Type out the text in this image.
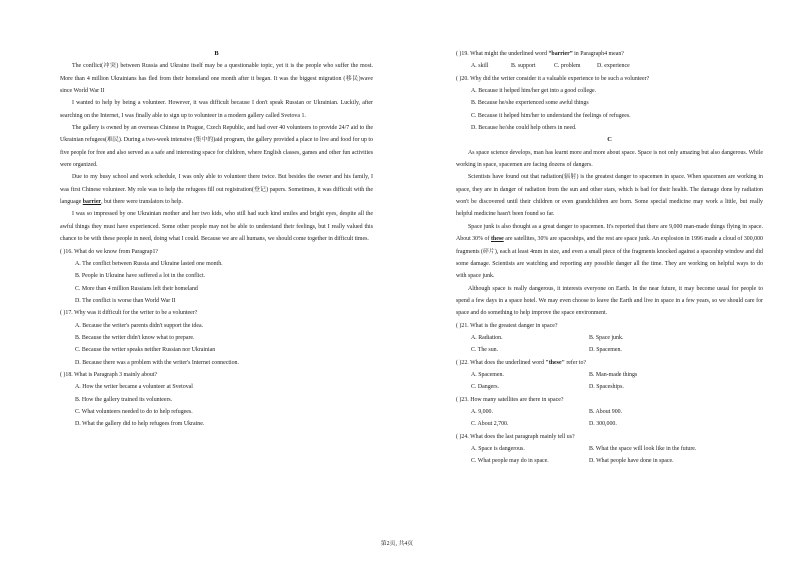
B

The conflict(冲突) between Russia and Ukraine itself may be a questionable topic, yet it is the people who suffer the most. More than 4 million Ukrainians has fled from their homeland one month after it began. It was the biggest migration (移民)wave since World War II

I wanted to help by being a volunteer. However, it was difficult because I don't speak Russian or Ukrainian. Luckily, after searching on the Internet, I was finally able to sign up to volunteer in a modern gallery called Svetova 1.

The gallery is owned by an overseas Chinese in Prague, Czech Republic, and had over 40 volunteers to provide 24/7 aid to the Ukrainian refugees(难民). During a two-week intensive (集中的)aid program, the gallery provided a place to live and food for up to five people for free and also served as a safe and interesting space for children, where English classes, games and other fun activities were organized.

Due to my busy school and work schedule, I was only able to volunteer there twice. But besides the owner and his family, I was first Chinese volunteer. My role was to help the refugees fill out registration(登记) papers. Sometimes, it was difficult with the language barrier, but there were translators to help.

I was so impressed by one Ukrainian mother and her two kids, who still had such kind smiles and bright eyes, despite all the awful things they must have experienced. Some other people may not be able to understand their feelings, but I really valued this chance to be with these people in need, doing what I could. Because we are all humans, we should come together in difficult times.

( )16. What do we know from Paragrap1?

A. The conflict between Russia and Ukraine lasted one month.

B. People in Ukraine have suffered a lot in the conflict.

C. More than 4 million Russians left their homeland

D. The conflict is worse than World War II

( )17. Why was it difficult for the writer to be a volunteer?

A. Because the writer's parents didn't support the idea.

B. Because the writer didn't know what to prepare.

C. Because the writer speaks neither Russian nor Ukrainian

D. Because there was a problem with the writer's Internet connection.

( )18. What is Paragraph 3 mainly about?

A. How the writer became a volunteer at Svetoval

B. How the gallery trained its volunteers.

C. What volunteers needed to do to help refugees.

D. What the gallery did to help refugees from Ukraine.

( )19. What might the underlined word “barrier” in Paragraph4 mean?

A. skill	B. support	C. problem	D. experience

( )20. Why did the writer consider it a valuable experience to be such a volunteer?

A. Because it helped him/her get into a good college.

B. Because he/she experienced some awful things

C. Because it helped him/her to understand the feelings of refugees.

D. Because he/she could help others in need.

C

As space science develops, man has learnt more and more about space. Space is not only amazing but also dangerous. While working in space, spacemen are facing dozens of dangers.

Scientists have found out that radiation(辐射) is the greatest danger to spacemen in space. When spacemen are working in space, they are in danger of radiation from the sun and other stars, which is bad for their health. The damage done by radiation won't be discovered until their children or even grandchildren are born. Some special medicine may work a little, but really helpful medicine hasn't been found so far.

Space junk is also thought as a great danger to spacemen. It's reported that there are 9,000 man-made things flying in space. About 30% of these are satellites, 30% are spaceships, and the rest are space junk. An explosion in 1996 made a cloud of 300,000 fragments (碎片), each at least 4mm in size, and even a small piece of the fragments knocked against a spaceship window and did some damage. Scientists are watching and reporting any possible danger all the time. They are working on helpful ways to do with space junk.

Although space is really dangerous, it interests everyone on Earth. In the near future, it may become usual for people to spend a few days in a space hotel. We may even choose to leave the Earth and live in space in a few years, so we should care for space and do something to help improve the space environment.

( )21. What is the greatest danger in space?

A. Radiation.	B. Space junk.

C. The sun.	D. Spacemen.

( )22. What does the underlined word "these" refer to?

A. Spacemen.	B. Man-made things

C. Dangers.	D. Spaceships.

( )23. How many satellites are there in space?

A. 9,000.	B. About 900.

C. About 2,700.	D. 300,000.

( )24. What does the last paragraph mainly tell us?

A. Space is dangerous.	B. What the space will look like in the future.

C. What people may do in space.	D. What people have done in space.

第2页, 共4页
